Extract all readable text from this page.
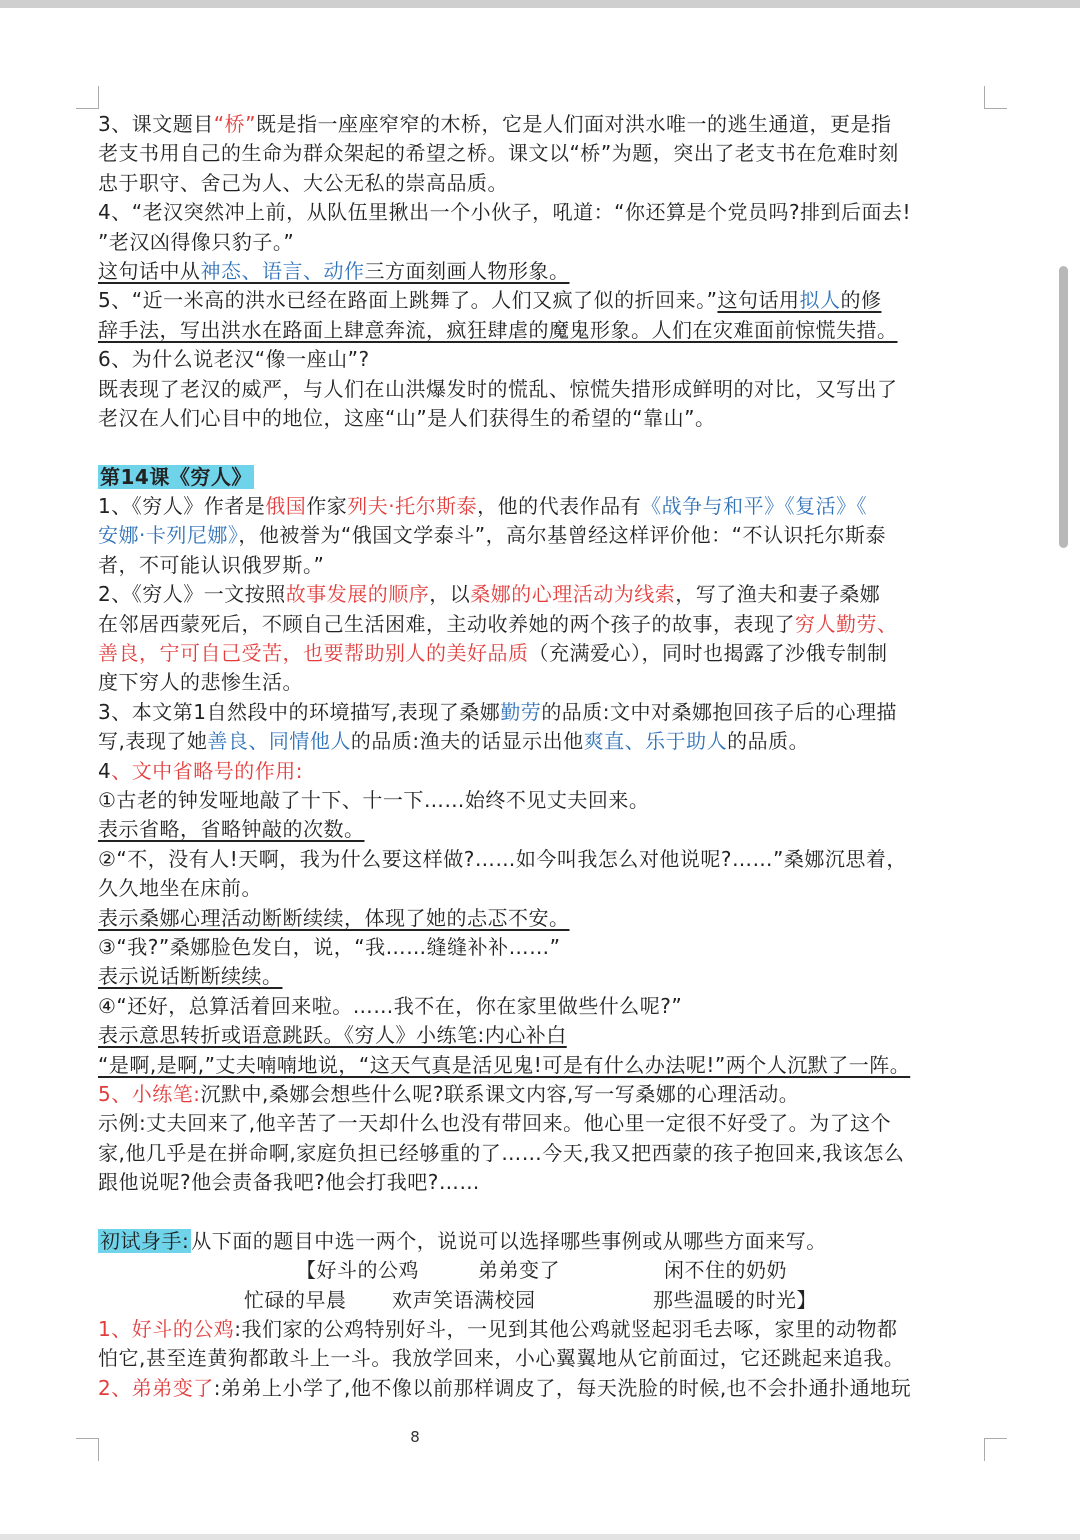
3、课文题目“桥”既是指一座座窄窄的木桥，它是人们面对洪水唯一的逃生通道，更是指
老支书用自己的生命为群众架起的希望之桥。课文以“桥”为题，突出了老支书在危难时刻
忠于职守、舍己为人、大公无私的崇高品质。
4、“老汉突然冲上前，从队伍里揪出一个小伙子，吼道：“你还算是个党员吗?排到后面去!
”老汉凶得像只豹子。”
这句话中从神态、语言、动作三方面刻画人物形象。
5、“近一米高的洪水已经在路面上跳舞了。人们又疯了似的折回来。”这句话用拟人的修
辞手法，写出洪水在路面上肆意奔流，疯狂肆虐的魔鬼形象。人们在灾难面前惊慌失措。
6、为什么说老汉“像一座山”?
既表现了老汉的威严，与人们在山洪爆发时的慌乱、惊慌失措形成鲜明的对比，又写出了
老汉在人们心目中的地位，这座“山”是人们获得生的希望的“靠山”。
第14课《穷人》
1、《穷人》作者是俄国作家列夫·托尔斯泰，他的代表作品有《战争与和平》《复活》《
安娜·卡列尼娜》，他被誉为“俄国文学泰斗”，高尔基曾经这样评价他：“不认识托尔斯泰
者，不可能认识俄罗斯。”
2、《穷人》一文按照故事发展的顺序，以桑娜的心理活动为线索，写了渔夫和妻子桑娜
在邻居西蒙死后，不顾自己生活困难，主动收养她的两个孩子的故事，表现了穷人勤劳、
善良，宁可自己受苦，也要帮助别人的美好品质（充满爱心），同时也揭露了沙俄专制制
度下穷人的悲惨生活。
3、本文第1自然段中的环境描写,表现了桑娜勤劳的品质:文中对桑娜抱回孩子后的心理描
写,表现了她善良、同情他人的品质:渔夫的话显示出他爽直、乐于助人的品质。
4、文中省略号的作用:
①古老的钟发哑地敲了十下、十一下……始终不见丈夫回来。
表示省略，省略钟敲的次数。
②“不，没有人!天啊，我为什么要这样做?……如今叫我怎么对他说呢?……”桑娜沉思着，
久久地坐在床前。
表示桑娜心理活动断断续续，体现了她的忐忑不安。
③“我?”桑娜脸色发白，说，“我……缝缝补补……”
表示说话断断续续。
④“还好，总算活着回来啦。……我不在，你在家里做些什么呢?”
表示意思转折或语意跳跃。《穷人》小练笔:内心补白
“是啊,是啊,”丈夫喃喃地说，“这天气真是活见鬼!可是有什么办法呢!”两个人沉默了一阵。
5、小练笔:沉默中,桑娜会想些什么呢?联系课文内容,写一写桑娜的心理活动。
示例:丈夫回来了,他辛苦了一天却什么也没有带回来。他心里一定很不好受了。为了这个
家,他几乎是在拼命啊,家庭负担已经够重的了……今天,我又把西蒙的孩子抱回来,我该怎么
跟他说呢?他会责备我吧?他会打我吧?……
初试身手: 从下面的题目中选一两个，说说可以选择哪些事例或从哪些方面来写。
【好斗的公鸡	弟弟变了	闲不住的奶奶
忙碌的早晨 欢声笑语满校园	那些温暖的时光】
1、好斗的公鸡:我们家的公鸡特别好斗，一见到其他公鸡就竖起羽毛去啄，家里的动物都
怕它,甚至连黄狗都敢斗上一斗。我放学回来，小心翼翼地从它前面过，它还跳起来追我。
2、弟弟变了:弟弟上小学了,他不像以前那样调皮了，每天洗脸的时候,也不会扑通扑通地玩
8
